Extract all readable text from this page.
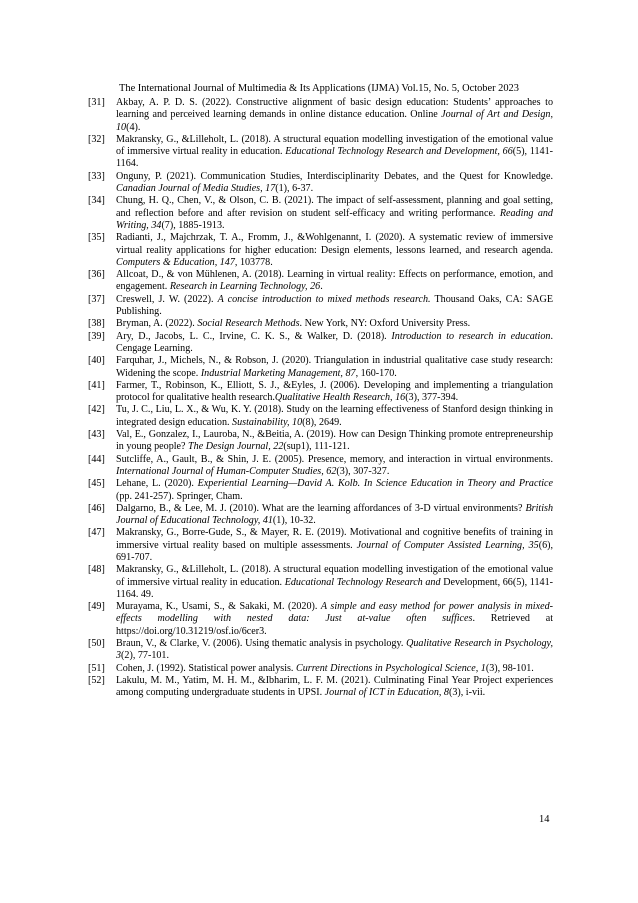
The International Journal of Multimedia & Its Applications (IJMA) Vol.15, No. 5, October 2023
[31]	Akbay, A. P. D. S. (2022). Constructive alignment of basic design education: Students’ approaches to learning and perceived learning demands in online distance education. Online Journal of Art and Design, 10(4).
[32]	Makransky, G., &Lilleholt, L. (2018). A structural equation modelling investigation of the emotional value of immersive virtual reality in education. Educational Technology Research and Development, 66(5), 1141-1164.
[33]	Onguny, P. (2021). Communication Studies, Interdisciplinarity Debates, and the Quest for Knowledge. Canadian Journal of Media Studies, 17(1), 6-37.
[34]	Chung, H. Q., Chen, V., & Olson, C. B. (2021). The impact of self-assessment, planning and goal setting, and reflection before and after revision on student self-efficacy and writing performance. Reading and Writing, 34(7), 1885-1913.
[35]	Radianti, J., Majchrzak, T. A., Fromm, J., &Wohlgenannt, I. (2020). A systematic review of immersive virtual reality applications for higher education: Design elements, lessons learned, and research agenda. Computers & Education, 147, 103778.
[36]	Allcoat, D., & von Mühlenen, A. (2018). Learning in virtual reality: Effects on performance, emotion, and engagement. Research in Learning Technology, 26.
[37]	Creswell, J. W. (2022). A concise introduction to mixed methods research. Thousand Oaks, CA: SAGE Publishing.
[38]	Bryman, A. (2022). Social Research Methods. New York, NY: Oxford University Press.
[39]	Ary, D., Jacobs, L. C., Irvine, C. K. S., & Walker, D. (2018). Introduction to research in education. Cengage Learning.
[40]	Farquhar, J., Michels, N., & Robson, J. (2020). Triangulation in industrial qualitative case study research: Widening the scope. Industrial Marketing Management, 87, 160-170.
[41]	Farmer, T., Robinson, K., Elliott, S. J., &Eyles, J. (2006). Developing and implementing a triangulation protocol for qualitative health research.Qualitative Health Research, 16(3), 377-394.
[42]	Tu, J. C., Liu, L. X., & Wu, K. Y. (2018). Study on the learning effectiveness of Stanford design thinking in integrated design education. Sustainability, 10(8), 2649.
[43]	Val, E., Gonzalez, I., Lauroba, N., &Beitia, A. (2019). How can Design Thinking promote entrepreneurship in young people? The Design Journal, 22(sup1), 111-121.
[44]	Sutcliffe, A., Gault, B., & Shin, J. E. (2005). Presence, memory, and interaction in virtual environments. International Journal of Human-Computer Studies, 62(3), 307-327.
[45]	Lehane, L. (2020). Experiential Learning—David A. Kolb. In Science Education in Theory and Practice (pp. 241-257). Springer, Cham.
[46]	Dalgarno, B., & Lee, M. J. (2010). What are the learning affordances of 3-D virtual environments? British Journal of Educational Technology, 41(1), 10-32.
[47]	Makransky, G., Borre-Gude, S., & Mayer, R. E. (2019). Motivational and cognitive benefits of training in immersive virtual reality based on multiple assessments. Journal of Computer Assisted Learning, 35(6), 691-707.
[48]	Makransky, G., &Lilleholt, L. (2018). A structural equation modelling investigation of the emotional value of immersive virtual reality in education. Educational Technology Research and Development, 66(5), 1141-1164. 49.
[49]	Murayama, K., Usami, S., & Sakaki, M. (2020). A simple and easy method for power analysis in mixed-effects modelling with nested data: Just at-value often suffices. Retrieved at https://doi.org/10.31219/osf.io/6cer3.
[50]	Braun, V., & Clarke, V. (2006). Using thematic analysis in psychology. Qualitative Research in Psychology, 3(2), 77-101.
[51]	Cohen, J. (1992). Statistical power analysis. Current Directions in Psychological Science, 1(3), 98-101.
[52]	Lakulu, M. M., Yatim, M. H. M., &Ibharim, L. F. M. (2021). Culminating Final Year Project experiences among computing undergraduate students in UPSI. Journal of ICT in Education, 8(3), i-vii.
14
